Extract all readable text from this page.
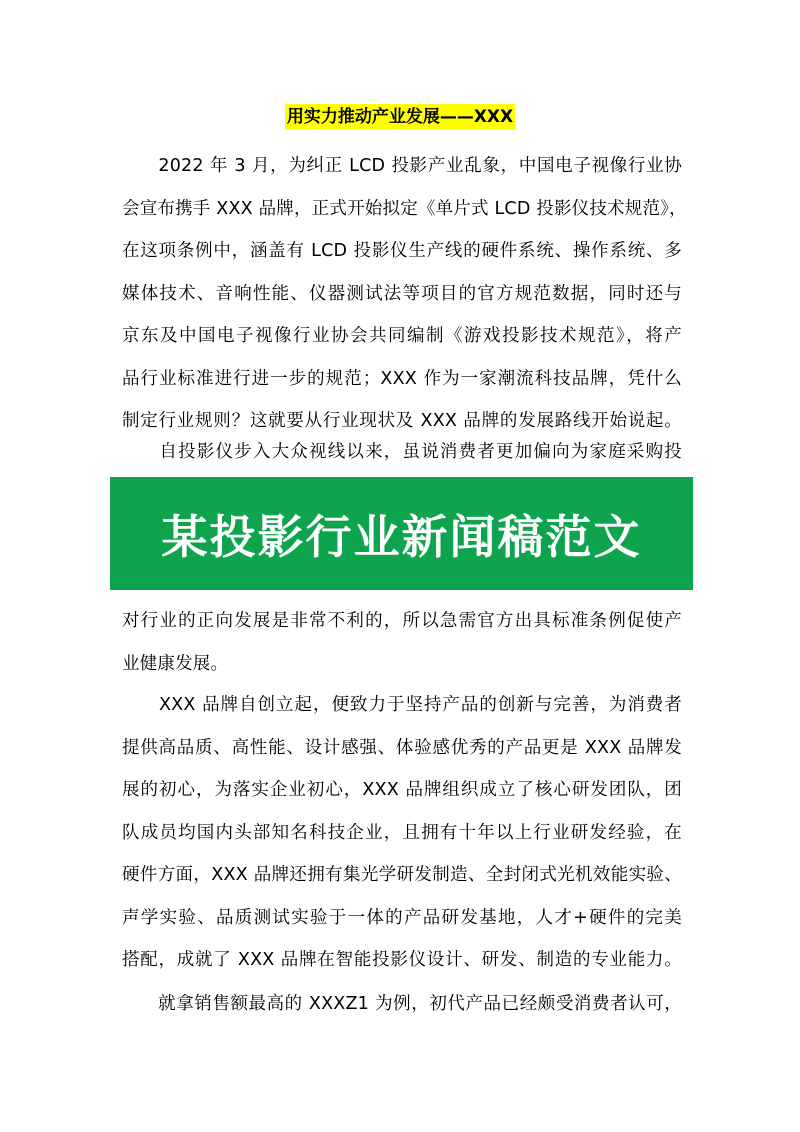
用实力推动产业发展——XXX

　　2022 年 3 月，为纠正 LCD 投影产业乱象，中国电子视像行业协
会宣布携手 XXX 品牌，正式开始拟定《单片式 LCD 投影仪技术规范》，
在这项条例中，涵盖有 LCD 投影仪生产线的硬件系统、操作系统、多
媒体技术、音响性能、仪器测试法等项目的官方规范数据，同时还与
京东及中国电子视像行业协会共同编制《游戏投影技术规范》，将产
品行业标准进行进一步的规范；XXX 作为一家潮流科技品牌，凭什么
制定行业规则？这就要从行业现状及 XXX 品牌的发展路线开始说起。

　　自投影仪步入大众视线以来，虽说消费者更加偏向为家庭采购投

某投影行业新闻稿范文

对行业的正向发展是非常不利的，所以急需官方出具标准条例促使产
业健康发展。

　　XXX 品牌自创立起，便致力于坚持产品的创新与完善，为消费者
提供高品质、高性能、设计感强、体验感优秀的产品更是 XXX 品牌发
展的初心，为落实企业初心，XXX 品牌组织成立了核心研发团队，团
队成员均国内头部知名科技企业，且拥有十年以上行业研发经验，在
硬件方面，XXX 品牌还拥有集光学研发制造、全封闭式光机效能实验、
声学实验、品质测试实验于一体的产品研发基地，人才+硬件的完美
搭配，成就了 XXX 品牌在智能投影仪设计、研发、制造的专业能力。

　　就拿销售额最高的 XXXZ1 为例，初代产品已经颇受消费者认可，
